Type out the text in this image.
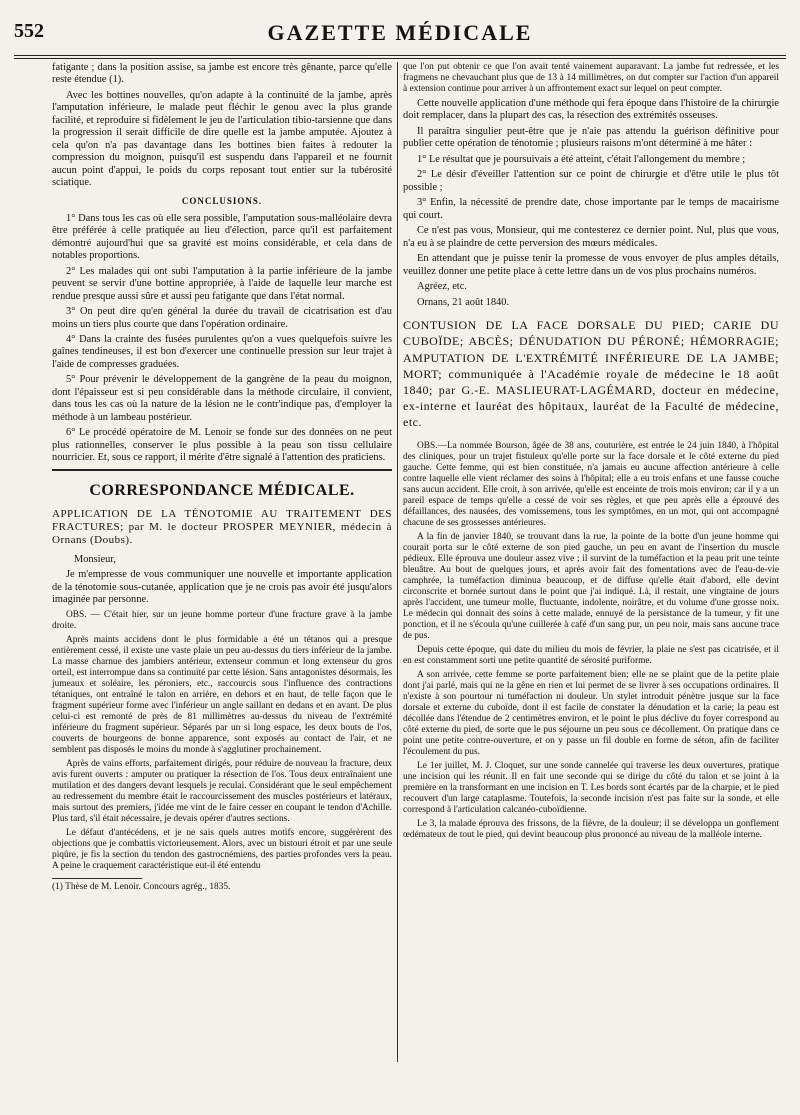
552	GAZETTE MÉDICALE

fatigante ; dans la position assise, sa jambe est encore très gênante, parce qu'elle reste étendue (1).

Avec les bottines nouvelles, qu'on adapte à la continuité de la jambe, après l'amputation inférieure, le malade peut fléchir le genou avec la plus grande facilité, et reproduire si fidèlement le jeu de l'articulation tibio-tarsienne que dans la progression il serait difficile de dire quelle est la jambe amputée. Ajoutez à cela qu'on n'a pas davantage dans les bottines bien faites à redouter la compression du moignon, puisqu'il est suspendu dans l'appareil et ne fournit aucun point d'appui, le poids du corps reposant tout entier sur la tubérosité sciatique.

CONCLUSIONS.

1° Dans tous les cas où elle sera possible, l'amputation sous-malléolaire devra être préférée à celle pratiquée au lieu d'élection, parce qu'il est parfaitement démontré aujourd'hui que sa gravité est moins considérable, et cela dans de notables proportions.

2° Les malades qui ont subi l'amputation à la partie inférieure de la jambe peuvent se servir d'une bottine appropriée, à l'aide de laquelle leur marche est rendue presque aussi sûre et aussi peu fatigante que dans l'état normal.

3° On peut dire qu'en général la durée du travail de cicatrisation est d'au moins un tiers plus courte que dans l'opération ordinaire.

4° Dans la crainte des fusées purulentes qu'on a vues quelquefois suivre les gaînes tendineuses, il est bon d'exercer une continuelle pression sur leur trajet à l'aide de compresses graduées.

5° Pour prévenir le développement de la gangrène de la peau du moignon, dont l'épaisseur est si peu considérable dans la méthode circulaire, il convient, dans tous les cas où la nature de la lésion ne le contr'indique pas, d'employer la méthode à un lambeau postérieur.

6° Le procédé opératoire de M. Lenoir se fonde sur des données on ne peut plus rationnelles, conserver le plus possible à la peau son tissu cellulaire nourricier. Et, sous ce rapport, il mérite d'être signalé à l'attention des praticiens.

CORRESPONDANCE MÉDICALE.

APPLICATION DE LA TÉNOTOMIE AU TRAITEMENT DES FRACTURES; par M. le docteur PROSPER MEYNIER, médecin à Ornans (Doubs).

Monsieur,

Je m'empresse de vous communiquer une nouvelle et importante application de la ténotomie sous-cutanée, application que je ne crois pas avoir été jusqu'alors imaginée par personne.

OBS. — C'était hier, sur un jeune homme porteur d'une fracture grave à la jambe droite.

Après maints accidens dont le plus formidable a été un tétanos qui a presque entièrement cessé, il existe une vaste plaie un peu au-dessus du tiers inférieur de la jambe. La masse charnue des jambiers antérieur, extenseur commun et long extenseur du gros orteil, est interrompue dans sa continuité par cette lésion. Sans antagonistes désormais, les jumeaux et soléaire, les péroniers, etc., raccourcis sous l'influence des contractions tétaniques, ont entraîné le talon en arrière, en dehors et en haut, de telle façon que le fragment supérieur forme avec l'inférieur un angle saillant en dedans et en avant. De plus celui-ci est remonté de près de 81 millimètres au-dessus du niveau de l'extrémité inférieure du fragment supérieur. Séparés par un si long espace, les deux bouts de l'os, couverts de bourgeons de bonne apparence, sont exposés au contact de l'air, et ne semblent pas disposés le moins du monde à s'agglutiner prochainement.

Après de vains efforts, parfaitement dirigés, pour réduire de nouveau la fracture, deux avis furent ouverts : amputer ou pratiquer la résection de l'os. Tous deux entraînaient une mutilation et des dangers devant lesquels je reculai. Considérant que le seul empêchement au redressement du membre était le raccourcissement des muscles postérieurs et latéraux, mais surtout des premiers, j'idée me vint de le faire cesser en coupant le tendon d'Achille. Plus tard, s'il était nécessaire, je devais opérer d'autres sections.

Le défaut d'antécédens, et je ne sais quels autres motifs encore, suggérèrent des objections que je combattis victorieusement. Alors, avec un bistouri étroit et par une seule piqûre, je fis la section du tendon des gastrocnémiens, des parties profondes vers la peau. A peine le craquement caractéristique eut-il été entendu

(1) Thèse de M. Lenoir. Concours agrég., 1835.

que l'on put obtenir ce que l'on avait tenté vainement auparavant. La jambe fut redressée, et les fragmens ne chevauchant plus que de 13 à 14 millimètres, on dut compter sur l'action d'un appareil à extension continue pour arriver à un affrontement exact sur lequel on peut compter.

Cette nouvelle application d'une méthode qui fera époque dans l'histoire de la chirurgie doit remplacer, dans la plupart des cas, la résection des extrémités osseuses.

Il paraîtra singulier peut-être que je n'aie pas attendu la guérison définitive pour publier cette opération de ténotomie ; plusieurs raisons m'ont déterminé à me hâter :

1° Le résultat que je poursuivais a été atteint, c'était l'allongement du membre ;

2° Le désir d'éveiller l'attention sur ce point de chirurgie et d'être utile le plus tôt possible ;

3° Enfin, la nécessité de prendre date, chose importante par le temps de macairisme qui court.

Ce n'est pas vous, Monsieur, qui me contesterez ce dernier point. Nul, plus que vous, n'a eu à se plaindre de cette perversion des mœurs médicales.

En attendant que je puisse tenir la promesse de vous envoyer de plus amples détails, veuillez donner une petite place à cette lettre dans un de vos plus prochains numéros.

Agréez, etc.

Ornans, 21 août 1840.

CONTUSION DE LA FACE DORSALE DU PIED; CARIE DU CUBOÏDE; ABCÈS; DÉNUDATION DU PÉRONÉ; HÉMORRAGIE; AMPUTATION DE L'EXTRÉMITÉ INFÉRIEURE DE LA JAMBE; MORT; communiquée à l'Académie royale de médecine le 18 août 1840; par G.-E. MASLIEURAT-LAGÉMARD, docteur en médecine, ex-interne et lauréat des hôpitaux, lauréat de la Faculté de médecine, etc.

OBS.—La nommée Bourson, âgée de 38 ans, couturière, est entrée le 24 juin 1840, à l'hôpital des cliniques, pour un trajet fistuleux qu'elle porte sur la face dorsale et le côté externe du pied gauche. Cette femme, qui est bien constituée, n'a jamais eu aucune affection antérieure à celle contre laquelle elle vient réclamer des soins à l'hôpital; elle a eu trois enfans et une fausse couche sans aucun accident. Elle croit, à son arrivée, qu'elle est enceinte de trois mois environ; car il y a un pareil espace de temps qu'elle a cessé de voir ses règles, et que peu après elle a éprouvé des défaillances, des nausées, des vomissemens, tous les symptômes, en un mot, qui ont accompagné chacune de ses grossesses antérieures.

A la fin de janvier 1840, se trouvant dans la rue, la pointe de la botte d'un jeune homme qui courait porta sur le côté externe de son pied gauche, un peu en avant de l'insertion du muscle pédieux. Elle éprouva une douleur assez vive ; il survint de la tuméfaction et la peau prit une teinte bleuâtre. Au bout de quelques jours, et après avoir fait des fomentations avec de l'eau-de-vie camphrée, la tuméfaction diminua beaucoup, et de diffuse qu'elle était d'abord, elle devint circonscrite et bornée surtout dans le point que j'ai indiqué. Là, il restait, une vingtaine de jours après l'accident, une tumeur molle, fluctuante, indolente, noirâtre, et du volume d'une grosse noix. Le médecin qui donnait des soins à cette malade, ennuyé de la persistance de la tumeur, y fit une ponction, et il ne s'écoula qu'une cuillerée à café d'un sang pur, un peu noir, mais sans aucune trace de pus.

Depuis cette époque, qui date du milieu du mois de février, la plaie ne s'est pas cicatrisée, et il en est constamment sorti une petite quantité de sérosité puriforme.

A son arrivée, cette femme se porte parfaitement bien; elle ne se plaint que de la petite plaie dont j'ai parlé, mais qui ne la gêne en rien et lui permet de se livrer à ses occupations ordinaires. Il n'existe à son pourtour ni tuméfaction ni douleur. Un stylet introduit pénètre jusque sur la face dorsale et externe du cuboïde, dont il est facile de constater la dénudation et la carie; la peau est décollée dans l'étendue de 2 centimètres environ, et le point le plus déclive du foyer correspond au côté externe du pied, de sorte que le pus séjourne un peu sous ce décollement. On pratique dans ce point une petite contre-ouverture, et on y passe un fil double en forme de séton, afin de faciliter l'écoulement du pus.

Le 1er juillet, M. J. Cloquet, sur une sonde cannelée qui traverse les deux ouvertures, pratique une incision qui les réunit. Il en fait une seconde qui se dirige du côté du talon et se joint à la première en la transformant en une incision en T. Les bords sont écartés par de la charpie, et le pied recouvert d'un large cataplasme. Toutefois, la seconde incision n'est pas faite sur la sonde, et elle correspond à l'articulation calcanéo-cuboïdienne.

Le 3, la malade éprouva des frissons, de la fièvre, de la douleur; il se développa un gonflement œdémateux de tout le pied, qui devint beaucoup plus prononcé au niveau de la malléole interne.
